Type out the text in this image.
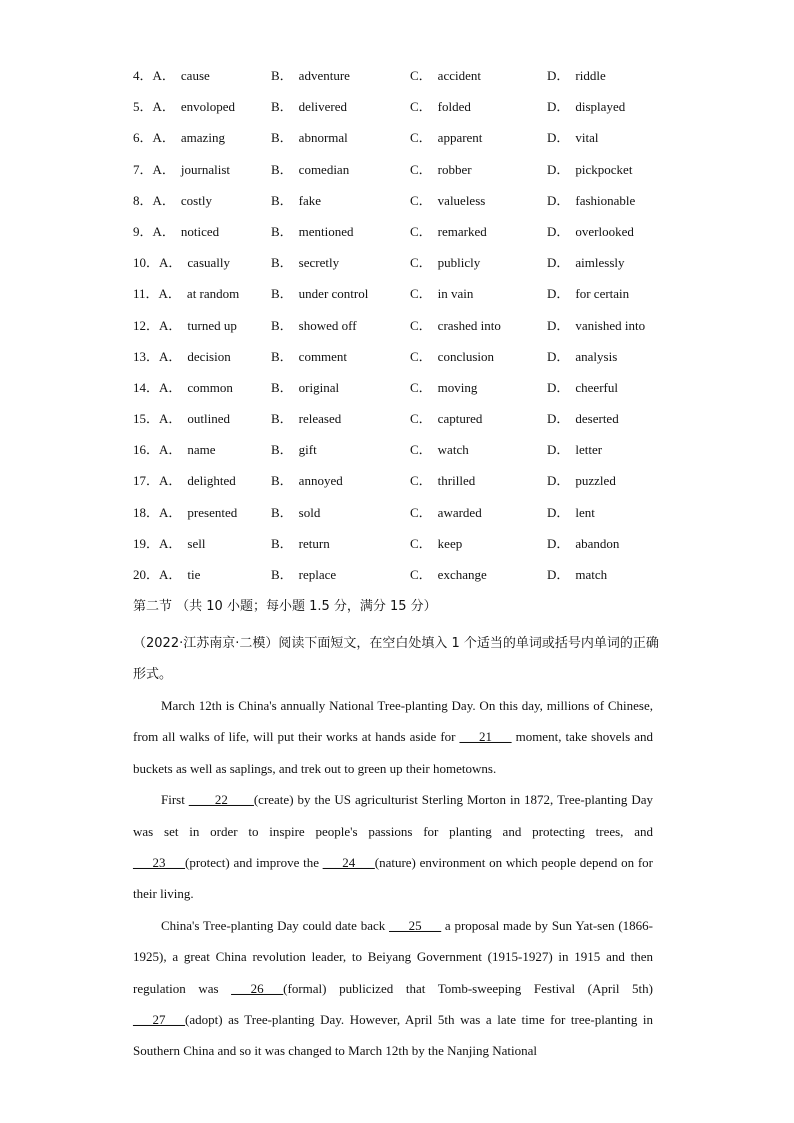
4．A． cause	B． adventure	C． accident	D． riddle
5．A． envoloped	B． delivered	C． folded	D． displayed
6．A． amazing	B． abnormal	C． apparent	D． vital
7．A． journalist	B． comedian	C． robber	D． pickpocket
8．A． costly	B． fake	C． valueless	D． fashionable
9．A． noticed	B． mentioned	C． remarked	D． overlooked
10．A． casually	B． secretly	C． publicly	D． aimlessly
11．A． at random B． under control	C． in vain	D． for certain
12．A． turned up	B． showed off	C． crashed into	D． vanished into
13．A． decision	B． comment	C． conclusion	D． analysis
14．A． common	B． original	C． moving	D． cheerful
15．A． outlined	B． released	C． captured	D． deserted
16．A． name	B． gift	C． watch	D． letter
17．A． delighted	B． annoyed	C． thrilled	D． puzzled
18．A． presented	B． sold	C． awarded	D． lent
19．A． sell	B． return	C． keep	D． abandon
20．A． tie	B． replace	C． exchange	D． match
第二节 （共 10 小题；每小题 1.5 分，满分 15 分）
（2022·江苏南京·二模）阅读下面短文，在空白处填入 1 个适当的单词或括号内单词的正确形式。

March 12th is China's annually National Tree-planting Day. On this day, millions of Chinese, from all walks of life, will put their works at hands aside for ___21___ moment, take shovels and buckets as well as saplings, and trek out to green up their hometowns.

First ____22____(create) by the US agriculturist Sterling Morton in 1872, Tree-planting Day was set in order to inspire people's passions for planting and protecting trees, and ___23___(protect) and improve the ___24___(nature) environment on which people depend on for their living.

China's Tree-planting Day could date back ___25___ a proposal made by Sun Yat-sen (1866-1925), a great China revolution leader, to Beiyang Government (1915-1927) in 1915 and then regulation was ___26___(formal) publicized that Tomb-sweeping Festival (April 5th) ___27___(adopt) as Tree-planting Day. However, April 5th was a late time for tree-planting in Southern China and so it was changed to March 12th by the Nanjing National
